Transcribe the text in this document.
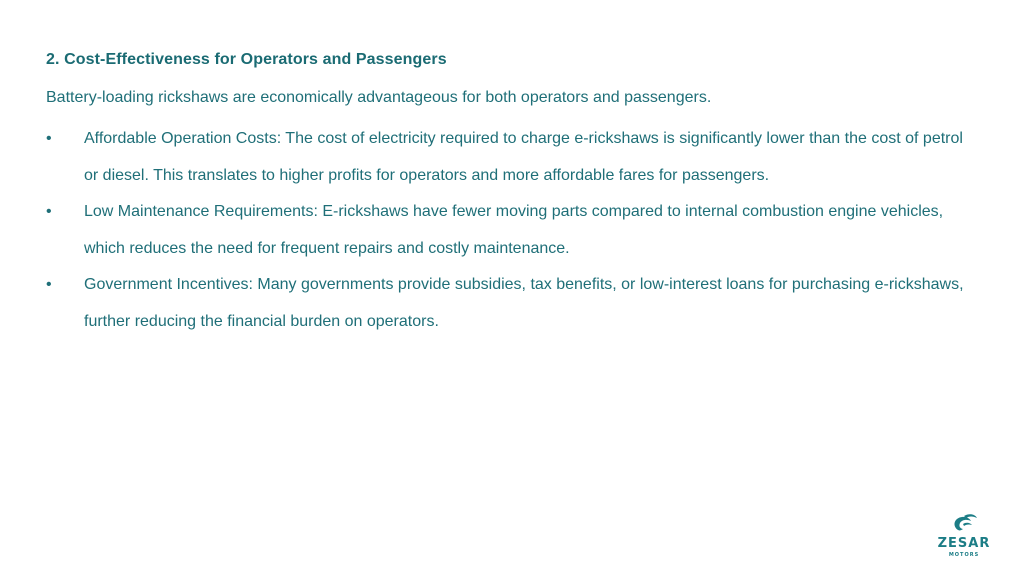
2. Cost-Effectiveness for Operators and Passengers
Battery-loading rickshaws are economically advantageous for both operators and passengers.
• Affordable Operation Costs: The cost of electricity required to charge e-rickshaws is significantly lower than the cost of petrol or diesel. This translates to higher profits for operators and more affordable fares for passengers.
• Low Maintenance Requirements: E-rickshaws have fewer moving parts compared to internal combustion engine vehicles, which reduces the need for frequent repairs and costly maintenance.
• Government Incentives: Many governments provide subsidies, tax benefits, or low-interest loans for purchasing e-rickshaws, further reducing the financial burden on operators.
ZESAR
MOTORS
